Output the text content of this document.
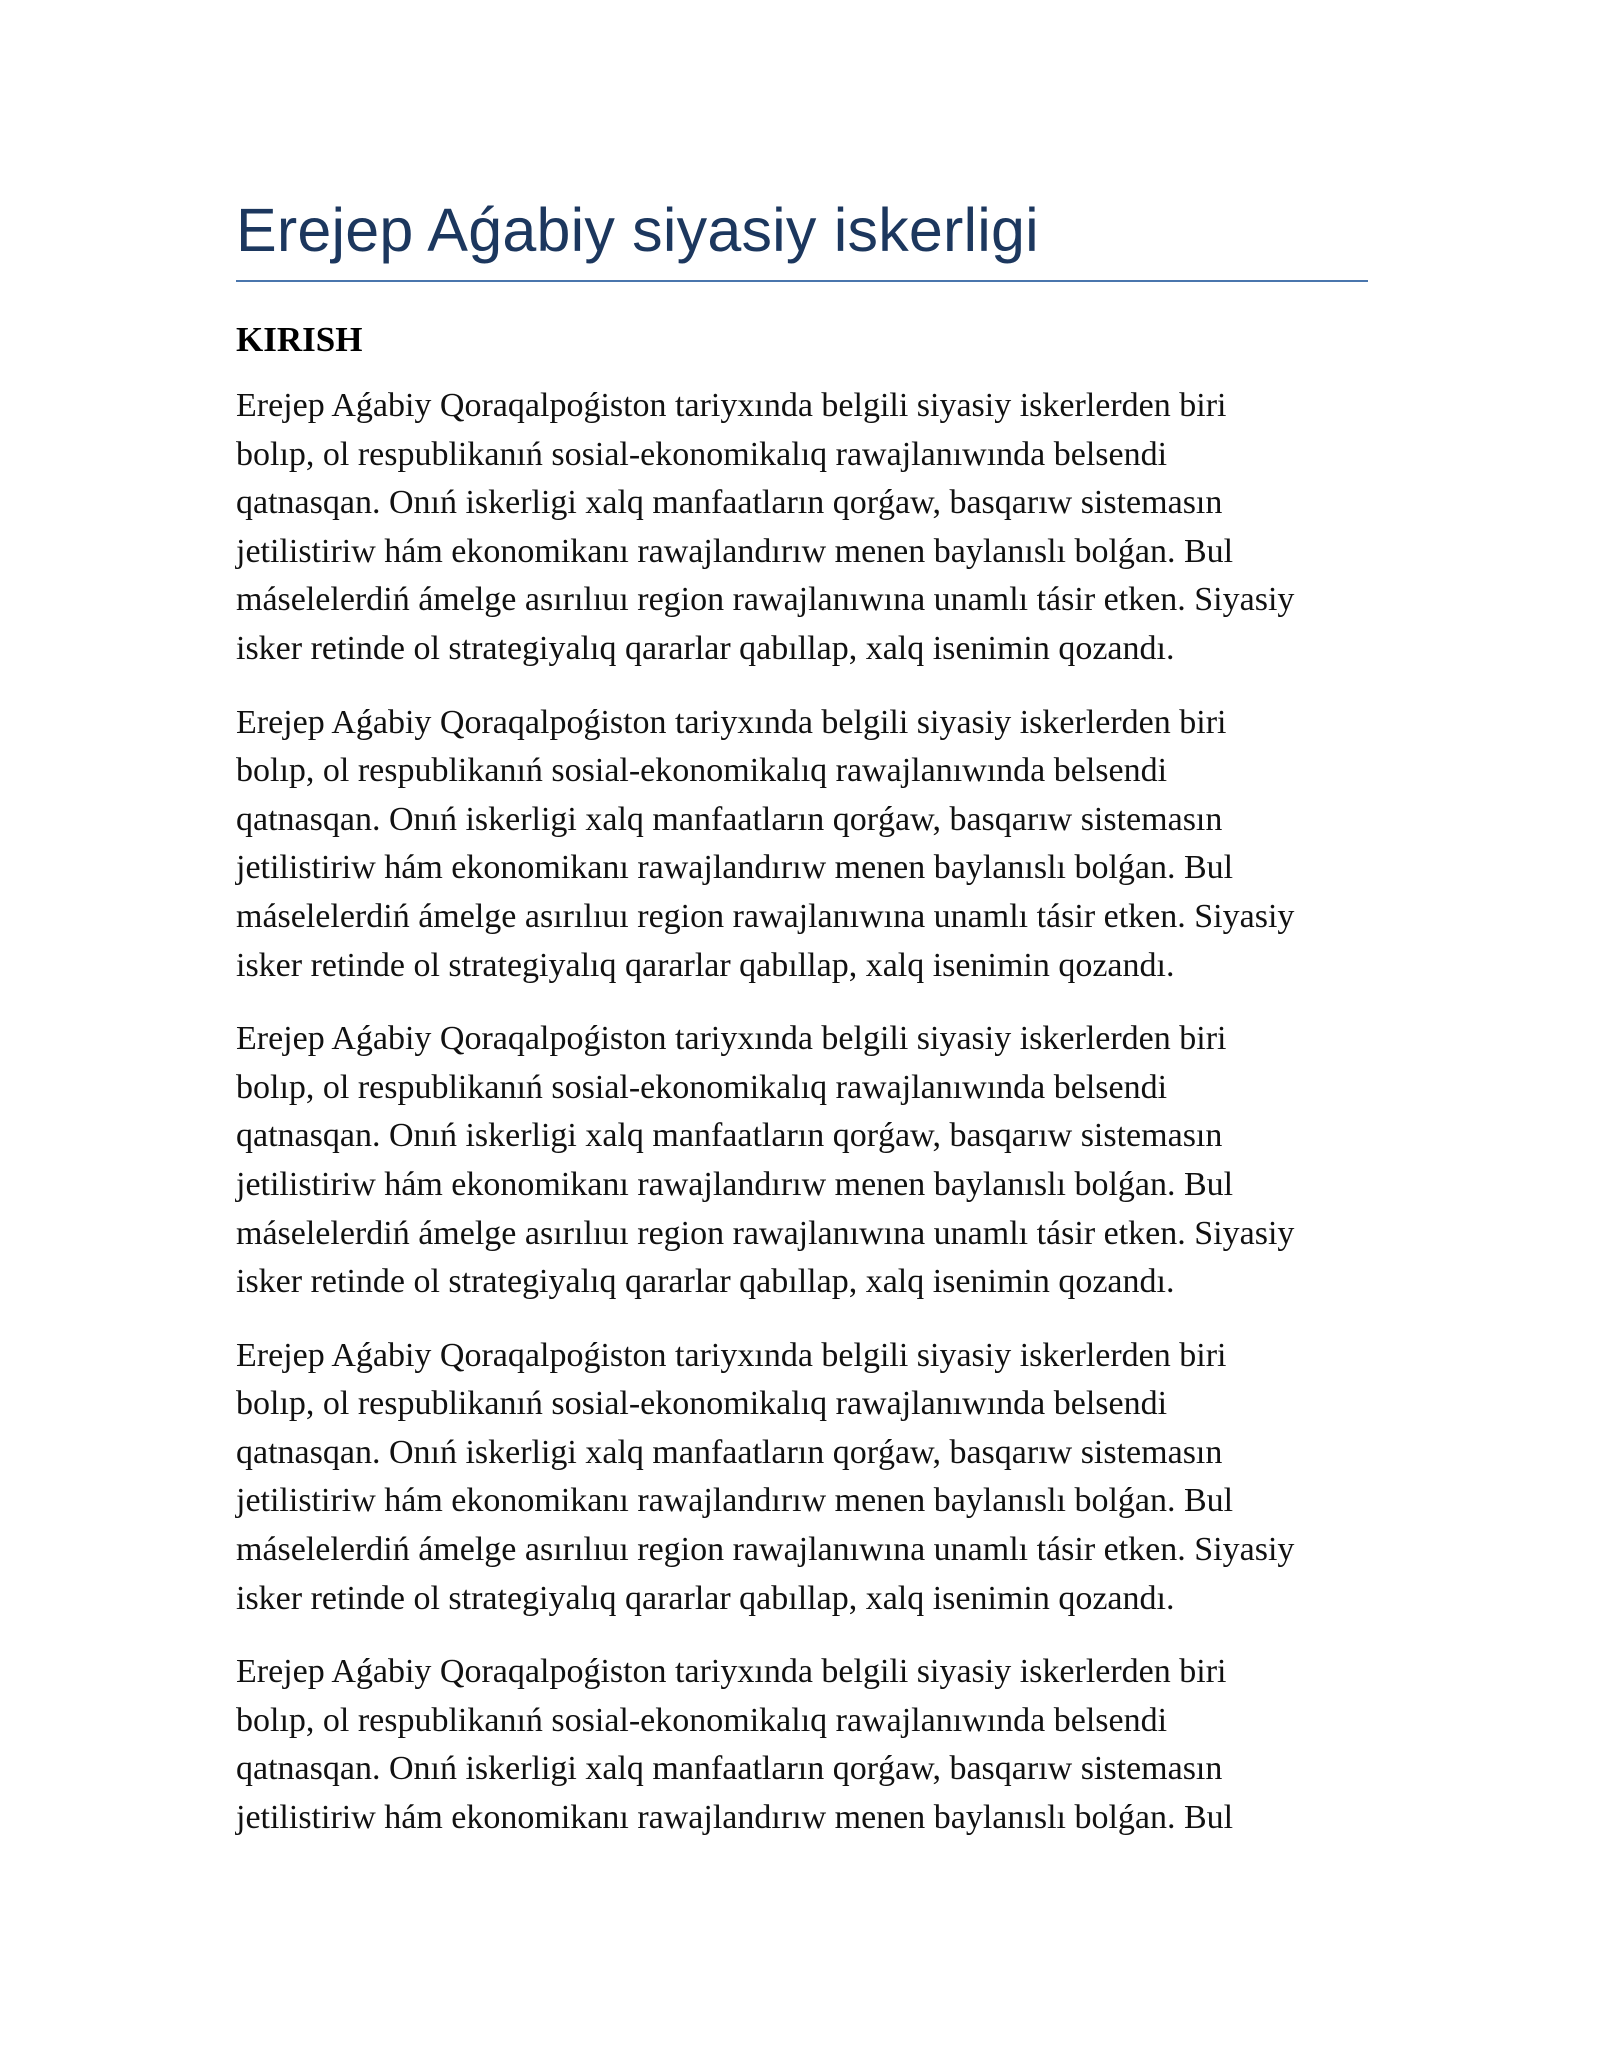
Erejep Aǵabiy siyasiy iskerligi
KIRISH

Erejep Aǵabiy Qoraqalpoǵiston tariyxında belgili siyasiy iskerlerden biri
bolıp, ol respublikanıń sosial-ekonomikalıq rawajlanıwında belsendi
qatnasqan. Onıń iskerligi xalq manfaatların qorǵaw, basqarıw sistemasın
jetilistiriw hám ekonomikanı rawajlandırıw menen baylanıslı bolǵan. Bul
máselelerdiń ámelge asırılıuı region rawajlanıwına unamlı tásir etken. Siyasiy
isker retinde ol strategiyalıq qararlar qabıllap, xalq isenimin qozandı.

Erejep Aǵabiy Qoraqalpoǵiston tariyxında belgili siyasiy iskerlerden biri
bolıp, ol respublikanıń sosial-ekonomikalıq rawajlanıwında belsendi
qatnasqan. Onıń iskerligi xalq manfaatların qorǵaw, basqarıw sistemasın
jetilistiriw hám ekonomikanı rawajlandırıw menen baylanıslı bolǵan. Bul
máselelerdiń ámelge asırılıuı region rawajlanıwına unamlı tásir etken. Siyasiy
isker retinde ol strategiyalıq qararlar qabıllap, xalq isenimin qozandı.

Erejep Aǵabiy Qoraqalpoǵiston tariyxında belgili siyasiy iskerlerden biri
bolıp, ol respublikanıń sosial-ekonomikalıq rawajlanıwında belsendi
qatnasqan. Onıń iskerligi xalq manfaatların qorǵaw, basqarıw sistemasın
jetilistiriw hám ekonomikanı rawajlandırıw menen baylanıslı bolǵan. Bul
máselelerdiń ámelge asırılıuı region rawajlanıwına unamlı tásir etken. Siyasiy
isker retinde ol strategiyalıq qararlar qabıllap, xalq isenimin qozandı.

Erejep Aǵabiy Qoraqalpoǵiston tariyxında belgili siyasiy iskerlerden biri
bolıp, ol respublikanıń sosial-ekonomikalıq rawajlanıwında belsendi
qatnasqan. Onıń iskerligi xalq manfaatların qorǵaw, basqarıw sistemasın
jetilistiriw hám ekonomikanı rawajlandırıw menen baylanıslı bolǵan. Bul
máselelerdiń ámelge asırılıuı region rawajlanıwına unamlı tásir etken. Siyasiy
isker retinde ol strategiyalıq qararlar qabıllap, xalq isenimin qozandı.

Erejep Aǵabiy Qoraqalpoǵiston tariyxında belgili siyasiy iskerlerden biri
bolıp, ol respublikanıń sosial-ekonomikalıq rawajlanıwında belsendi
qatnasqan. Onıń iskerligi xalq manfaatların qorǵaw, basqarıw sistemasın
jetilistiriw hám ekonomikanı rawajlandırıw menen baylanıslı bolǵan. Bul
